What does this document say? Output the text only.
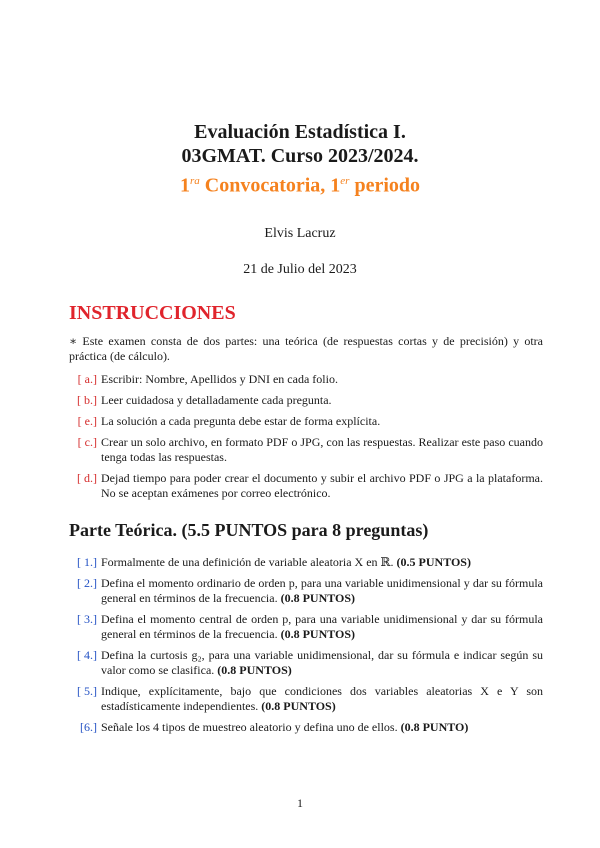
Evaluación Estadística I.
03GMAT. Curso 2023/2024.
$1^{ra}$ Convocatoria, 1er periodo
Elvis Lacruz
21 de Julio del 2023
INSTRUCCIONES
∗ Este examen consta de dos partes: una teórica (de respuestas cortas y de precisión) y otra práctica (de cálculo).
[ a.] Escribir: Nombre, Apellidos y DNI en cada folio.
[ b.] Leer cuidadosa y detalladamente cada pregunta.
[ e.] La solución a cada pregunta debe estar de forma explícita.
[ c.] Crear un solo archivo, en formato PDF o JPG, con las respuestas. Realizar este paso cuando tenga todas las respuestas.
[ d.] Dejad tiempo para poder crear el documento y subir el archivo PDF o JPG a la plataforma. No se aceptan exámenes por correo electrónico.
Parte Teórica. (5.5 PUNTOS para 8 preguntas)
[ 1.] Formalmente de una definición de variable aleatoria X en ℝ. (0.5 PUNTOS)
[ 2.] Defina el momento ordinario de orden p, para una variable unidimensional y dar su fórmula general en términos de la frecuencia. (0.8 PUNTOS)
[ 3.] Defina el momento central de orden p, para una variable unidimensional y dar su fórmula general en términos de la frecuencia. (0.8 PUNTOS)
[ 4.] Defina la curtosis g₂, para una variable unidimensional, dar su fórmula e indicar según su valor como se clasifica. (0.8 PUNTOS)
[ 5.] Indique, explícitamente, bajo que condiciones dos variables aleatorias X e Y son estadísticamente independientes. (0.8 PUNTOS)
[6.] Señale los 4 tipos de muestreo aleatorio y defina uno de ellos. (0.8 PUNTO)
1
